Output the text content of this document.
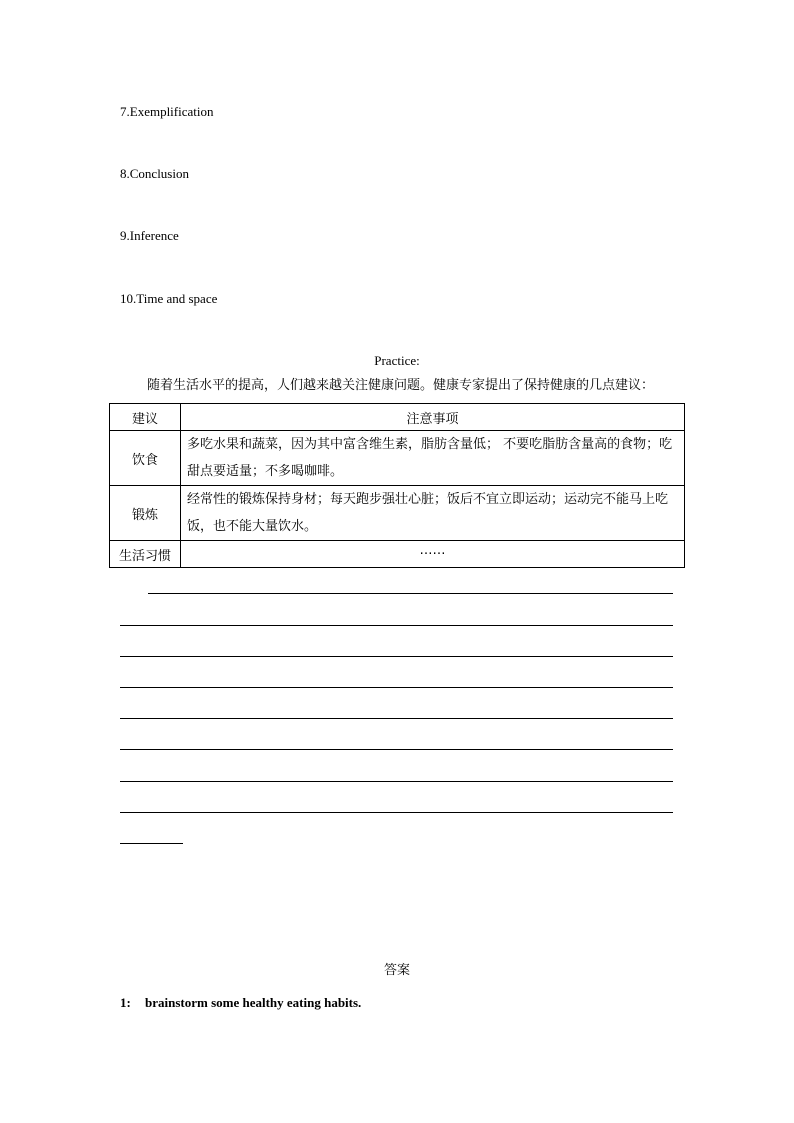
7.Exemplification
8.Conclusion
9.Inference
10.Time and space
Practice:
随着生活水平的提高，人们越来越关注健康问题。健康专家提出了保持健康的几点建议：
建议	注意事项
饮食	多吃水果和蔬菜，因为其中富含维生素，脂肪含量低； 不要吃脂肪含量高的食物；吃甜点要适量；不多喝咖啡。
锻炼	经常性的锻炼保持身材；每天跑步强壮心脏；饭后不宜立即运动；运动完不能马上吃饭，也不能大量饮水。
生活习惯	……
答案
1: brainstorm some healthy eating habits.
